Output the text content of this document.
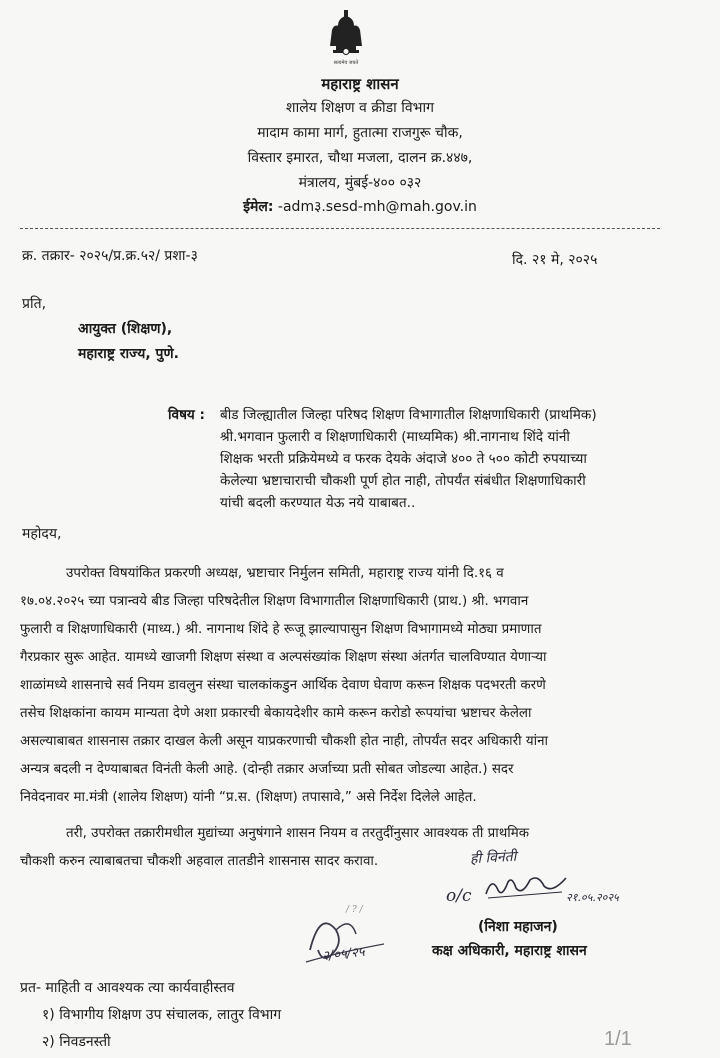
सत्यमेव जयते
महाराष्ट्र शासन
शालेय शिक्षण व क्रीडा विभाग
मादाम कामा मार्ग, हुतात्मा राजगुरू चौक,
विस्तार इमारत, चौथा मजला, दालन क्र.४४७,
मंत्रालय, मुंबई-४०० ०३२
ईमेल: -adm३.sesd-mh@mah.gov.in
क्र. तक्रार- २०२५/प्र.क्र.५२/ प्रशा-३	दि. २१ मे, २०२५
प्रति,
आयुक्त (शिक्षण),
महाराष्ट्र राज्य, पुणे.
विषय : बीड जिल्ह्यातील जिल्हा परिषद शिक्षण विभागातील शिक्षणाधिकारी (प्राथमिक)
श्री.भगवान फुलारी व शिक्षणाधिकारी (माध्यमिक) श्री.नागनाथ शिंदे यांनी
शिक्षक भरती प्रक्रियेमध्ये व फरक देयके अंदाजे ४०० ते ५०० कोटी रुपयाच्या
केलेल्या भ्रष्टाचाराची चौकशी पूर्ण होत नाही, तोपर्यंत संबंधीत शिक्षणाधिकारी
यांची बदली करण्यात येऊ नये याबाबत..
महोदय,
उपरोक्त विषयांकित प्रकरणी अध्यक्ष, भ्रष्टाचार निर्मुलन समिती, महाराष्ट्र राज्य यांनी दि.१६ व
१७.०४.२०२५ च्या पत्रान्वये बीड जिल्हा परिषदेतील शिक्षण विभागातील शिक्षणाधिकारी (प्राथ.) श्री. भगवान
फुलारी व शिक्षणाधिकारी (माध्य.) श्री. नागनाथ शिंदे हे रूजू झाल्यापासुन शिक्षण विभागामध्ये मोठ्या प्रमाणात
गैरप्रकार सुरू आहेत. यामध्ये खाजगी शिक्षण संस्था व अल्पसंख्यांक शिक्षण संस्था अंतर्गत चालविण्यात येणाऱ्या
शाळांमध्ये शासनाचे सर्व नियम डावलुन संस्था चालकांकडुन आर्थिक देवाण घेवाण करून शिक्षक पदभरती करणे
तसेच शिक्षकांना कायम मान्यता देणे अशा प्रकारची बेकायदेशीर कामे करून करोडो रूपयांचा भ्रष्टाचर केलेला
असल्याबाबत शासनास तक्रार दाखल केली असून याप्रकरणाची चौकशी होत नाही, तोपर्यंत सदर अधिकारी यांना
अन्यत्र बदली न देण्याबाबत विनंती केली आहे. (दोन्ही तक्रार अर्जाच्या प्रती सोबत जोडल्या आहेत.) सदर
निवेदनावर मा.मंत्री (शालेय शिक्षण) यांनी “प्र.स. (शिक्षण) तपासावे,” असे निर्देश दिलेले आहेत.
तरी, उपरोक्त तक्रारीमधील मुद्यांच्या अनुषंगाने शासन नियम व तरतुदींनुसार आवश्यक ती प्राथमिक
चौकशी करुन त्याबाबतचा चौकशी अहवाल तातडीने शासनास सादर करावा.	ही विनंती
o/c	२१.०५.२०२५
/ ? /
२/०५/२५
(निशा महाजन)
कक्ष अधिकारी, महाराष्ट्र शासन
प्रत- माहिती व आवश्यक त्या कार्यवाहीस्तव
१) विभागीय शिक्षण उप संचालक, लातुर विभाग
२) निवडनस्ती	1/1
